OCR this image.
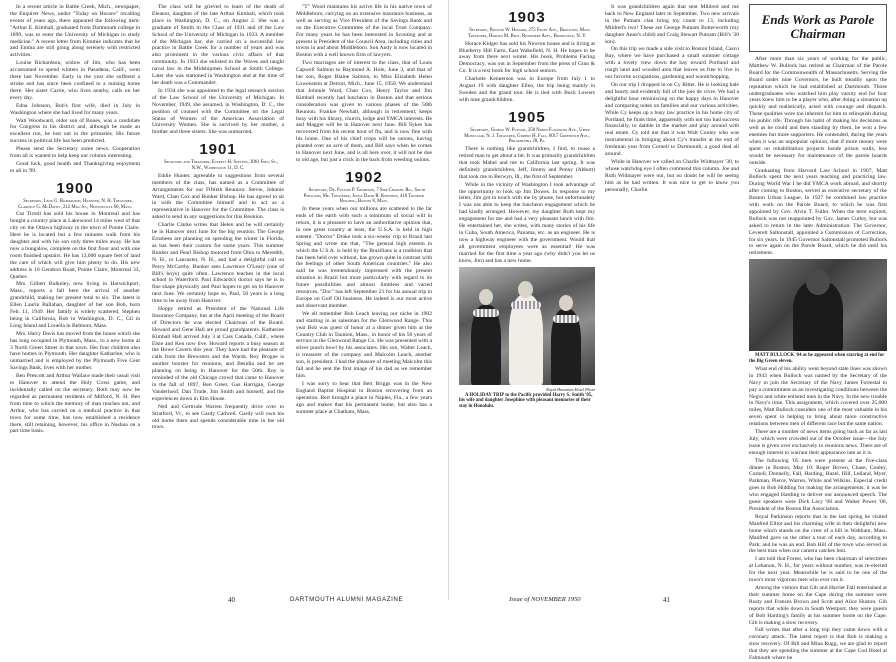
In a recent article in Battle Creek, Mich., newspaper, the Enquirer News, under "Today on Horace" recalling events of years ago, there appeared the following item: "Arthur E. Kimball, graduated from Dartmouth college in 1899, was to enter the University of Michigan to study medicine." A recent letter from Kimmie indicates that he and Emma are still going along serenely with restricted activities.

Louise Richardson, widow of Jim, who has been accustomed to spend winters in Pasadena, Calif., went there last November. Early in the year she suffered a stroke and has since been confined to a nursing home there. Her sister Carrie, who lives nearby, calls on her every day.

Edna Johnson, Bob's first wife, died in July in Washington where she had lived for many years.

Walt Woodward, older son of Bones, was a candidate for Congress in his district and, although he made an excellent run, he lost out in the primaries. His future success in political life has been predicted.

Please send the Secretary some news. Cooperation from all is wanted to help keep our column interesting.

Good luck, good health and Thanksgiving enjoyment to all in '99.

1900

Secretary, Leon G. Richardson, Hanover, N. H. Treasurer, Clarence G. McDavitt, 212 Mill St., Newtonville 60, Mass.

Cut Tirrell has sold his house in Montreal and has bought a country place at Lakewood 14 miles west of that city on the Ottawa highway in the town of Pointe Claire. Here he is located but a few minutes walk from his daughter and with his son only three miles away. He has now a bungalow, complete on the first floor and with one room finished upstairs. He has 13,000 square feet of land the care of which will give him plenty to do. His new address is 10 Gendron Road, Pointe Claire, Montreal 33, Quebec.

Mrs. Gilbert Bulkeley, now living in Harwichport, Mass., reports a fall here the arrival of another grandchild, making her present total to six. The latest is Ellen Laurin Ballahan, daughter of her son Bob, born Feb. 11, 1949. Her family is widely scattered, Stephen being in California, Bob in Washington, D. C., Gil in Long Island and Louella in Belmont, Mass.

Mrs. Harry Davis has moved from the house which she has long occupied in Plymouth, Mass., to a new home at 3 North Green Street in that town. Her four children also have homes in Plymouth. Her daughter Katharine, who is unmarried and is employed by the Plymouth Five Cent Savings Bank, lives with her mother.

Ben Prescott and Arthur Wallace made their usual visit to Hanover to attend the Holy Cross game, and incidentally called on the secretary. Both may now be regarded as permanent residents of Milford, N. H. Ben from time to which the memory of man reaches not, and Arthur, who has carried on a medical practice in that town for some time, has now established a residence there, still retaining, however, his office in Nashua on a part time basis.

The class will be grieved to learn of the death of Eleanor, daughter of the late Arthur Kimball, which took place in Washington, D. C., on August 2. She was a graduate of Smith in the Class of 1931 and of the Law School of the University of Michigan in 1933. A member of the Michigan bar, she carried on a successful law practice in Battle Creek for a number of years and was also prominent in the various civic affairs of that community. In 1933 she enlisted in the Waves and taught naval law in the Midshipmen School at Smith College. Later she was stationed in Washington and at the time of her death was a Commander.

In 1934 she was appointed to the legal research section of the Law School of the University of Michigan. In November, 1949, she assumed, in Washington, D. C., the position of counsel with the Committee on the Legal Status of Women of the American Association of University Women. She is survived by her mother, a brother and three sisters. She was unmarried.

1901

Secretary and Treasurer, Everett H. Stevens, 3061 First St., N.W., Washington 11, D. C.

Eddie Hunter, agreeable to suggestions from several members of the class, has named as a Committee of Arrangements for our Fiftieth Reunion: Stevie, Johnnie Ward, Chan Cox and Bunker Bishop. He has agreed to sit in with the Committee himself and to act as a representative in Hanover for the Committee. The class is asked to send in any suggestions for this Reunion.

Charlie Clarke writes that Helen and he will certainly be in Hanover next June for the big reunion. The George Ernsbees are planning on spending the winter in Florida, as has been their custom for some years. This summer Bunker and Pearl Bishop motored from Ohio to Meredith, N. H., to Lancaster, N. H., and had a delightful call on Percy McCarthy. Bunker sees Lawrence O'Leary (one of Bill's boys) quite often. Lawrence teaches in the local school in Waterford. Paul Edwards's doctor says he is in fine shape physically and Paul hopes to get on to Hanover next June. We certainly hope so, Paul, 50 years is a long time to be away from Hanover.

Hoppy retired as President of the National Life Insurance Company, but at the April meeting of the Board of Directors he was elected Chairman of the Board. Howard and Gene Hall are proud grandparents. Katherine Kimball Hall arrived July 3 at Cass Canada, Calif., where Elsie and Ken now live. Howard reports a busy season at the Howe Cavern this year. They have had the pleasure of calls from the Brewsters and the Wards. Roy Brogue is another booster for reunions, and Besidia and he are planning on being in Hanover for the 50th. Roy is reminded of the old Chicago crowd that came to Hanover in the fall of 1897, Ben Greer, Gus Harrigan, George Vanderhoof, Dan Trude, Jim Smith and himself, and the experiences down in Elm House.

Ned and Gertrude Warren frequently drive over to Stratford, Vt., to see Gardy Cadwell. Gardy will own his old home there and spends considerable time in the old town.

"T" Wood maintains his active life in his native town of Middleboro, carrying on an extensive insurance business, as well as serving as Vice President of the Savings Bank and on the Executive Committee of the local Trust Company. For many years he has been interested in Scouting and at present is President of the Council Area, including cities and towns in and about Middleboro. Son Andy is now located in Boston with a well known firm of lawyers.

Two marriages are of interest to the class, that of Louis Capwell Salmon to Raymond A. Hole, June 3, and that of her son, Roger Blaine Salmon, to Miss Elizabeth Helen Lowenstein at Detroit, Mich., June 15, 1950. We understand that Johnnie Ward, Chan Cox, Henry Taylor and Jim Kimball recently had luncheon in Boston and that serious consideration was given to various phases of the 50th Reunion. Frankie Newhall, although in retirement, keeps busy with his library, church, lodge and YMCA interests. He and Maggie will be in Hanover next June. Bill Sykes has recovered from his recent bout of flu, and is now fine with his home. One of his chief crops will be onions, having planted over an acre of them, and Bill says when he comes to Hanover next June, and is all here over, it will not be due to old age, but just a crick in the back from weeding onions.

1902

Secretary, Dr. Putnam P. Thompson, 7 Ship Channel Rd., South Portland, Me. Treasurer, Judge David R. Kennison, 416 Trumour Building, Boston 8, Mass.

In these years when our millions are scattered to the far ends of the earth with such a minimum of social will in return, it is a pleasure to have an authoritative opinion that, in one great country at least, the U.S.A. is held in high esteem. "Doctor" Drake took a six-weeks' trip to Brazil last Spring and wrote me that, "The general high esteem in which the U.S.A. is held by the Brazilians is a tradition that has been held over without, has grown quite in contrast with the feelings of other South American countries." He also said he was tremendously impressed with the present situation in Brazil but more particularly with regard to its future possibilities and almost limitless and varied resources. "Doc" has left September 21 for his annual trip in Europe on Golf Oil business. He indeed is our most active and observant member.

We all remember Bob Leach leaving our niche in 1902 and starting in as salesman for the Glenwood Range. This year Bob was guest of honor at a dinner given him at the Country Club in Taunton, Mass., in honor of his 50 years of service in the Glenwood Range Co. He was presented with a silver punch bowl by his associates. His son, Walter Leach, is treasurer of the company and Malcolm Leach, another son, is president. I had the pleasure of meeting Malcolm this fall and he sent the first image of his dad as we remember him.

I was sorry to hear that Bert Briggs was in the New England Baptist Hospital in Boston recovering from an operation. Bert brought a place in Naples, Fla., a few years ago and makes that his permanent home, but also has a summer place at Chatham, Mass.

40	DARTMOUTH ALUMNI MAGAZINE
1903

Secretary, Preston W. Howard, 275 Front Ave., Brockton, Mass. Treasurer, Harold M. Bent, Rivermere Apts., Brookville, N. Y.

Horace Kidger has sold his Newton house and is living at Blueberry Hill Farm, East Wakefield, N. H. He hopes to be away from there next winter. His book, Problems Facing Democracy, was out in September from the press of Ginn & Co. It is a text book for high school seniors.

Charlotte Kennerson was in Europe from July 1 to August 19 with daughter Ellen, the trip being mainly in Sweden and the grand tour. He is tied with Buck Lowers with nine grandchildren.

1905

Secretary, George W. Putnam, 358 North Fullerton Ave., Upper Montclair, N. J. Treasurer, Gilbert H. Fall, 6017 Greenwich Ave., Philadelphia 28, Pa.

There is nothing like grandchildren, I find, to rouse a retired man to get about a bit. It was primarily grandchildren that took Mabel and me to California last spring. It was definitely grandchildren, Jeff, Jimmy and Penny (Abbott) that took me to Berwyn, Ill., the first of September.

While in the vicinity of Washington I took advantage of the opportunity to look up Jim Dowes. In response to my letter, Jim got in touch with me by phone, but unfortunately I was not able to keep the luncheon engagement which he had kindly arranged. However, my daughter Ruth kept my engagement for me and had a very pleasant lunch with Jim. He entertained her, she writes, with many stories of his life in Cuba, South America, Panama, etc. as an engineer. He is now a highway engineer with the government. Would that all government employees were as essential! He was married for the first time a year ago (why didn't you let us know, Jim) and has a new home.

Royal Hawaiian Hotel Photo

A HOLIDAY TRIP to the Pacific provided Harry S. Smith '05, his wife and daughter Josephine with pleasant memories of their stay in Honolulu.

It was grandchildren again that sent Mildred and me back to New England later in September. Two new arrivals in the Putnam clan bring my count to 13, including Mildred's two! These are George Putnam Butterworth (my daughter Anne's child) and Craig Stewart Putnam (Bill's '30 son).

On this trip we made a side visit to Boston Island, Casco Bay, where we have purchased a small summer cottage with a lovely view down the bay toward Portland and rough land and wooded area that leaves us free to live in our favorite occupations, gardening and woodchopping.

On our trip I dropped in on Cy Ritter. He is looking hale and hearty and evidently full of the joie de vivre. We had a delightful hour reminiscing on the happy days in Hanover and comparing notes on families and our various activities. While Cy keeps up a busy law practice in his home city of Portland, he finds time, apparently with not too bad success financially, to dabble in the market and play around with real estate. Cy told me that it was Walt Conley who was instrumental in bringing about Cy's transfer at the end of freshman year from Cornell to Dartmouth, a good deal all around.

While in Hanover we called on Charlie Widmayer '30, to whose watchdog eye I often commend this column. Joe and Ruth Widmayer were out, but no doubt he will be seeing him as he had written. It was nice to get to know you personally, Charlie.

Ends Work as Parole Chairman

After more than six years of working for the public, Matthew W. Bullock has retired as Chairman of the Parole Board for the Commonwealth of Massachusetts. Serving the Board under nine Governors, he built steadily upon the reputation which he had established at Dartmouth. Those undergraduates who watched him play varsity end for four years knew him to be a player who, after doing a situation up quickly and realistically, acted with courage and dispatch. These qualities were too inherent for him to relinquish during his public life. Through his habit of making his decisions as well as he could and then standing by them, he won a few enemies but more supporters. He contended, during the years when it was an unpopular opinion, that if more money were spent on rehabilitation projects inside prison walls, less would be necessary for maintenance of the parole boards outside.

Graduating from Harvard Law School in 1907, Matt Bullock spent the next years teaching and practicing law. During World War I he did YMCA work abroad, and shortly after coming to Boston, served as executive secretary of the Boston Urban League. In 1927 he combined law practice with work on the Parole Board, to which he was first appointed by Gov. Alvin T. Fuller. When the term expired, Bullock was not reappointed by Gov. James Curley, but was asked to return in the later Administration. The Governor, Leverett Saltonstall, appointed a Commission of Correction, for six years. In 1945 Governor Saltonstall promoted Bullock to serve again on the Parole Board, which he did until his retirement.

MATT BULLOCK '04 as he appeared when starring at end for the Big Green eleven.

What end of his ability went beyond state lines was shown in 1943 when Bullock was named by the Secretary of the Navy to join the Secretary of the Navy James Forrestal to pay a commitment as an investigating conditions between the Negro and white enlisted men in the Navy. In the new trouble in Navy's time. This assignment, which covered over 25,000 miles, Matt Bullock considers one of the most valuable in his seven spent in helping to bring about more constructive relations between men of different race but the same nation.

There are a number of news items going back as far as last July, which were crowded out of the October issue—the July issue is given over exclusively to reunions news. There are of enough interest to warrant their appearance late as it is.

The following '05 men were present at the five-class dinner in Boston, May 10: Roger Brown, Chase, Conley, Cornell, Donnelly, Fall, Harding, Hazel, Hill, Lelland, Myer, Parkman, Pierce, Warren, White and Wilkins. Especial credit goes to Bob Hidding for making the arrangements; it was he who engaged Harding to deliver our announced speech. The guest speakers were Dick Lacy '08 and Walter Power '06, President of the Boston Bar Association.

Royal Parkinson reports that in the last spring he visited Manfred Elliot and his charming wife in their delightful new home which stands on the crest of a hill in Waltham, Mass. Manfred gave us the other a tour of each day, according to Park; and he was an end. Bob Hill of the town who served as the best man when our camera catches him.

I am told that Forest, who has been chairman of selectmen at Lebanon, N. H., for years without number, was re-elected for the next year. Meanwhile he is said to be one of the town's most vigorous men who ever ran it.

Among the visitors that Gib and Harriet Fall entertained at their summer home on the Cape during the summer were Rusty and Frances Brown and Scott and Alice Huston. Gib reports that while down in South Westport, they were guests of Bob Harding's family at his summer home on the Cape. Gib is making a slow recovery.

Fall writes that after a long trip they came down with a coronary attack. The latest report is that Bob is making a slow recovery. Of Bill and Mina Rugg, we are glad to report that they are spending the summer at the Cape Cod Hotel at Falmouth where he

Issue of NOVEMBER 1950	41
